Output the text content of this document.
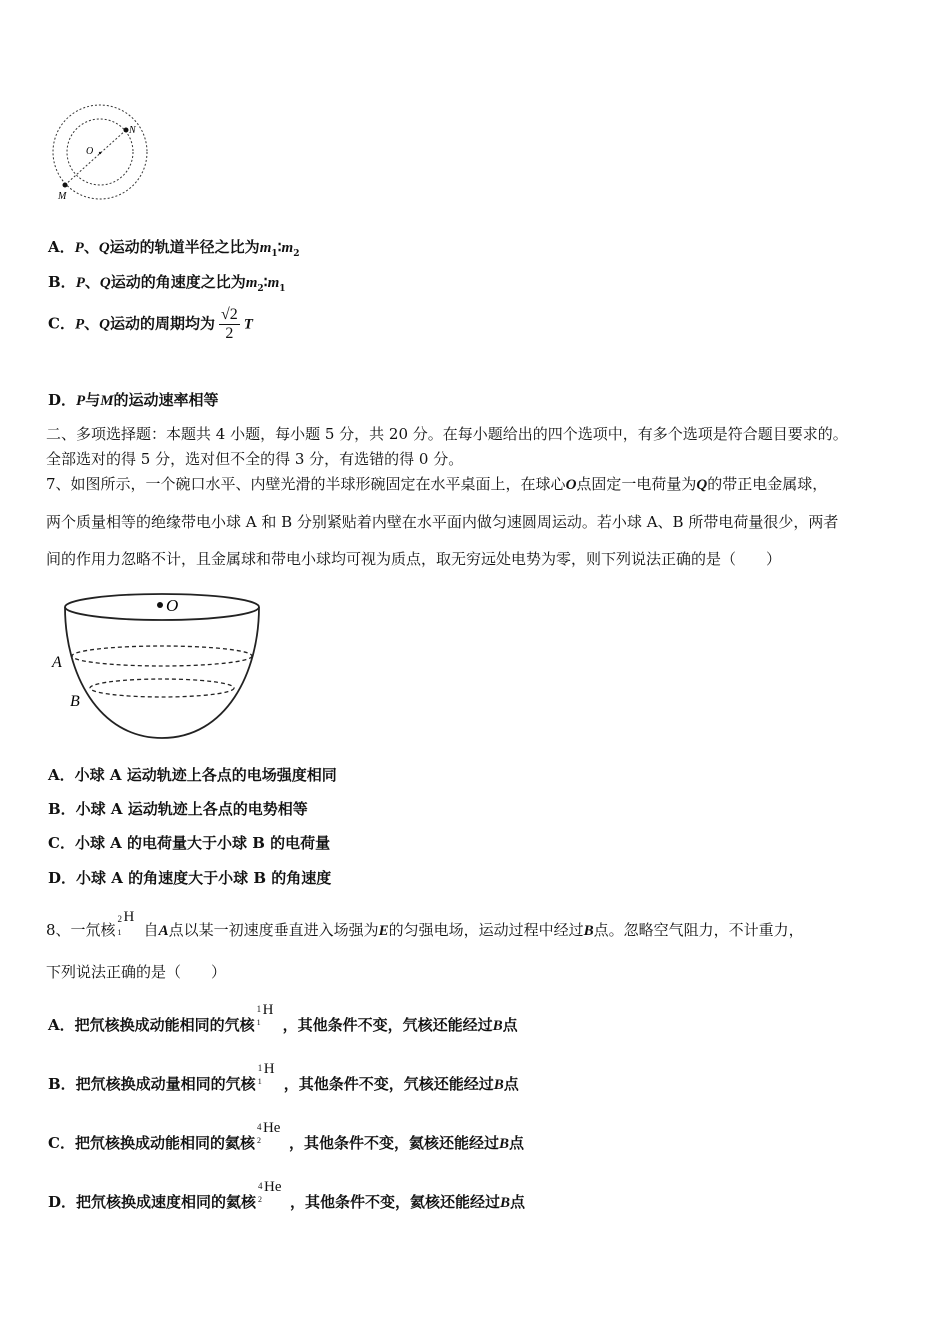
O
N
M
A．P、Q运动的轨道半径之比为$m_1∶m_2$
B．P、Q运动的角速度之比为$m_2∶m_1$
C．P、Q运动的周期均为 $\frac{√2}{2}$ T
D．P与M的运动速率相等
二、多项选择题：本题共 4 小题，每小题 5 分，共 20 分。在每小题给出的四个选项中，有多个选项是符合题目要求的。
全部选对的得 5 分，选对但不全的得 3 分，有选错的得 0 分。
7、如图所示，一个碗口水平、内壁光滑的半球形碗固定在水平桌面上，在球心O点固定一电荷量为Q的带正电金属球，
两个质量相等的绝缘带电小球 A 和 B 分别紧贴着内壁在水平面内做匀速圆周运动。若小球 A、B 所带电荷量很少，两者
间的作用力忽略不计，且金属球和带电小球均可视为质点，取无穷远处电势为零，则下列说法正确的是（　　）
O
A
B
A．小球 A 运动轨迹上各点的电场强度相同
B．小球 A 运动轨迹上各点的电势相等
C．小球 A 的电荷量大于小球 B 的电荷量
D．小球 A 的角速度大于小球 B 的角速度
8、一氘核
2
1
H
自A点以某一初速度垂直进入场强为E的匀强电场，运动过程中经过B点。忽略空气阻力，不计重力，
下列说法正确的是（　　）
A．把氘核换成动能相同的氕核
1
1
H
，其他条件不变，氕核还能经过B点
B．把氘核换成动量相同的氕核
1
1
H
，其他条件不变，氕核还能经过B点
C．把氘核换成动能相同的氦核
4
2
He
，其他条件不变，氦核还能经过B点
D．把氘核换成速度相同的氦核
4
2
He
，其他条件不变，氦核还能经过B点
